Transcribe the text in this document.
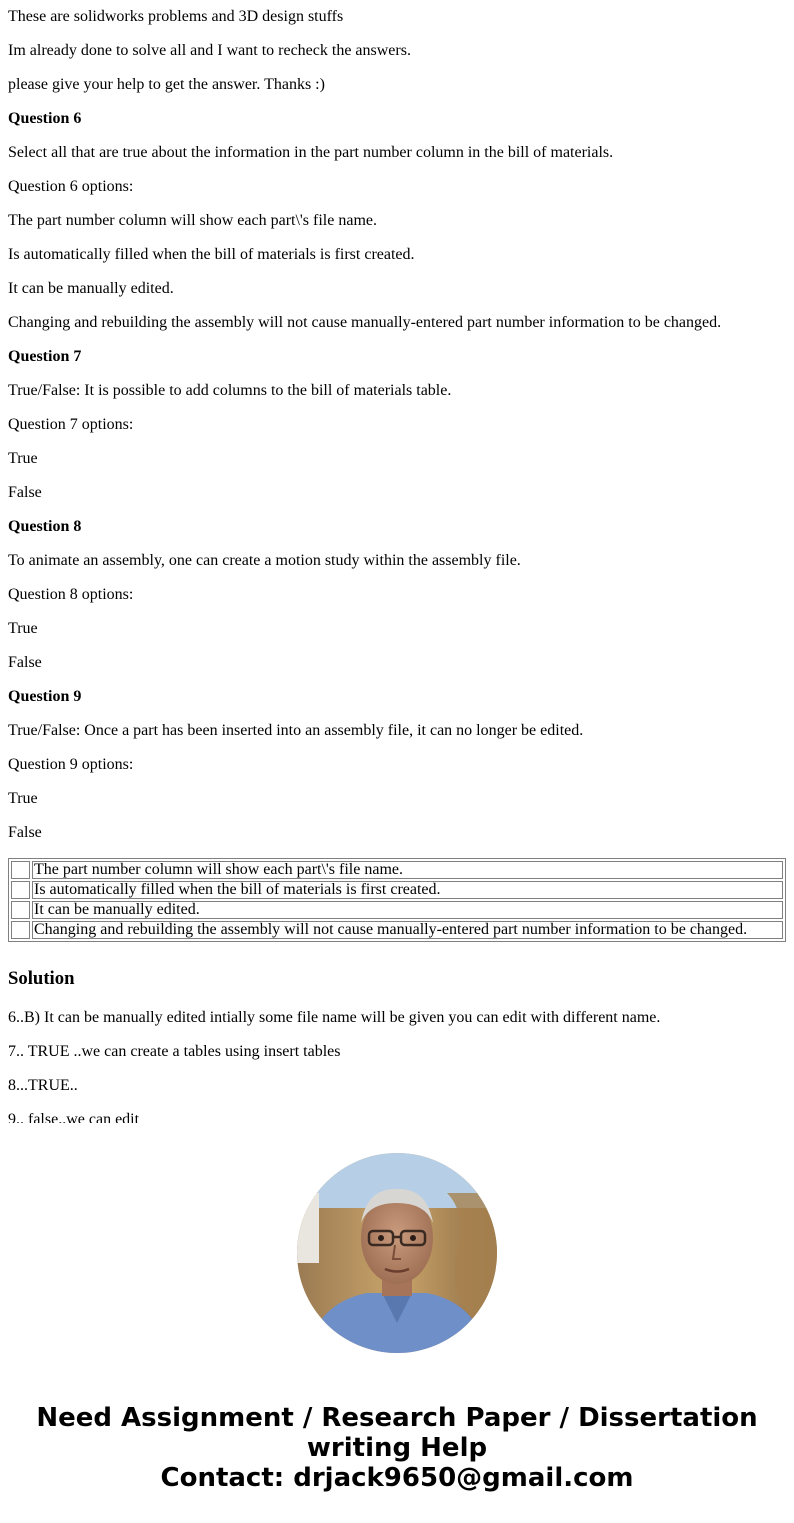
These are solidworks problems and 3D design stuffs

Im already done to solve all and I want to recheck the answers.

please give your help to get the answer. Thanks :)

Question 6

Select all that are true about the information in the part number column in the bill of materials.

Question 6 options:

The part number column will show each part\'s file name.

Is automatically filled when the bill of materials is first created.

It can be manually edited.

Changing and rebuilding the assembly will not cause manually-entered part number information to be changed.

Question 7

True/False: It is possible to add columns to the bill of materials table.

Question 7 options:

True

False

Question 8

To animate an assembly, one can create a motion study within the assembly file.

Question 8 options:

True

False

Question 9

True/False: Once a part has been inserted into an assembly file, it can no longer be edited.

Question 9 options:

True

False

	The part number column will show each part\'s file name.
	Is automatically filled when the bill of materials is first created.
	It can be manually edited.
	Changing and rebuilding the assembly will not cause manually-entered part number information to be changed.
Solution

6..B) It can be manually edited intially some file name will be given you can edit with different name.

7.. TRUE ..we can create a tables using insert tables

8...TRUE..

9.. false..we can edit

Need Assignment / Research Paper / Dissertation
writing Help
Contact: drjack9650@gmail.com
